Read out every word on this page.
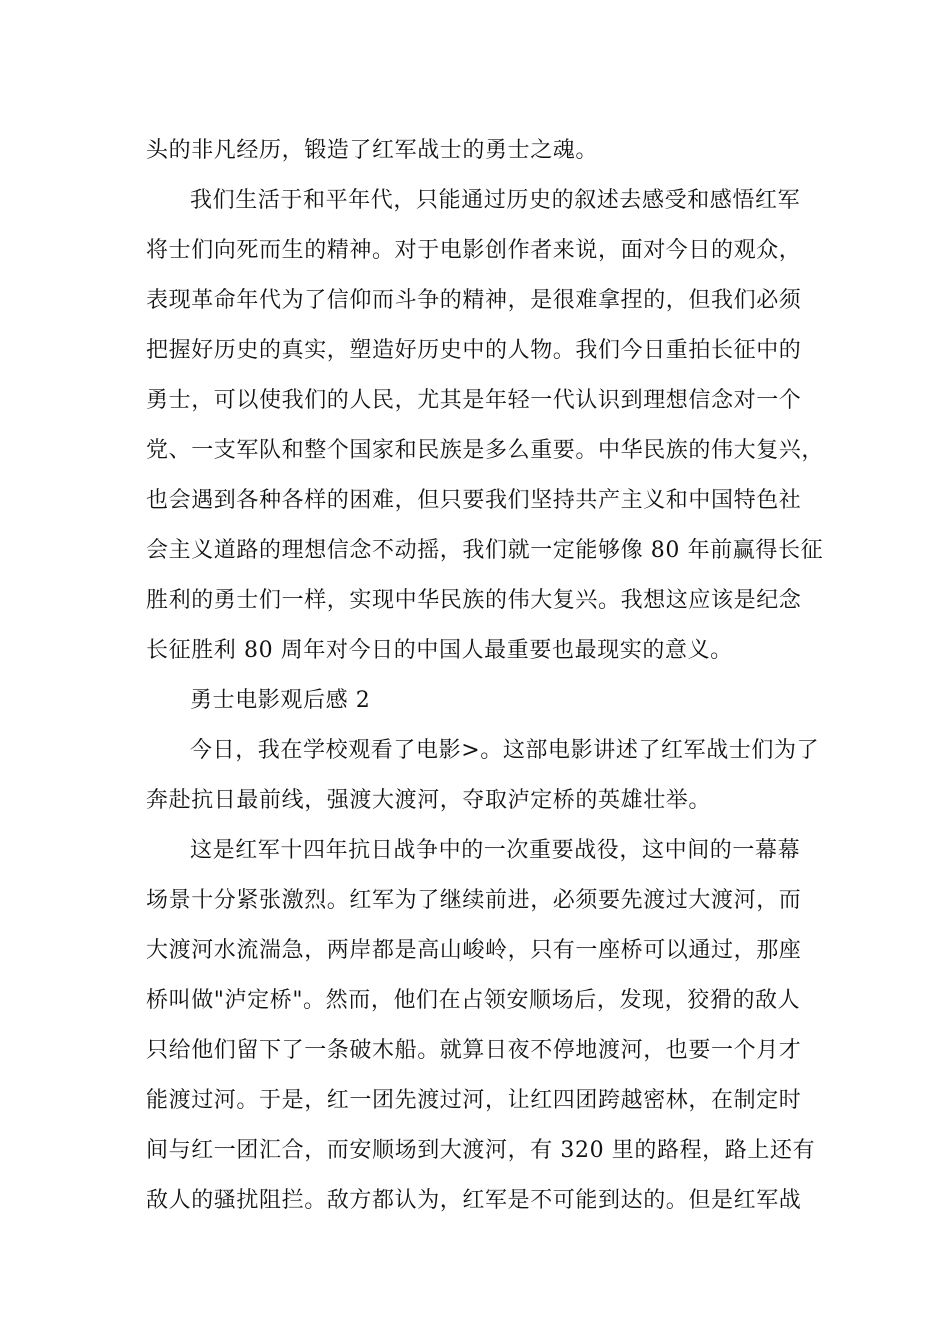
头的非凡经历，锻造了红军战士的勇士之魂。

我们生活于和平年代，只能通过历史的叙述去感受和感悟红军

将士们向死而生的精神。对于电影创作者来说，面对今日的观众，

表现革命年代为了信仰而斗争的精神，是很难拿捏的，但我们必须

把握好历史的真实，塑造好历史中的人物。我们今日重拍长征中的

勇士，可以使我们的人民，尤其是年轻一代认识到理想信念对一个

党、一支军队和整个国家和民族是多么重要。中华民族的伟大复兴，

也会遇到各种各样的困难，但只要我们坚持共产主义和中国特色社

会主义道路的理想信念不动摇，我们就一定能够像 80 年前赢得长征

胜利的勇士们一样，实现中华民族的伟大复兴。我想这应该是纪念

长征胜利 80 周年对今日的中国人最重要也最现实的意义。

勇士电影观后感 2

今日，我在学校观看了电影>。这部电影讲述了红军战士们为了

奔赴抗日最前线，强渡大渡河，夺取泸定桥的英雄壮举。

这是红军十四年抗日战争中的一次重要战役，这中间的一幕幕

场景十分紧张激烈。红军为了继续前进，必须要先渡过大渡河，而

大渡河水流湍急，两岸都是高山峻岭，只有一座桥可以通过，那座

桥叫做"泸定桥"。然而，他们在占领安顺场后，发现，狡猾的敌人

只给他们留下了一条破木船。就算日夜不停地渡河，也要一个月才

能渡过河。于是，红一团先渡过河，让红四团跨越密林，在制定时

间与红一团汇合，而安顺场到大渡河，有 320 里的路程，路上还有

敌人的骚扰阻拦。敌方都认为，红军是不可能到达的。但是红军战
